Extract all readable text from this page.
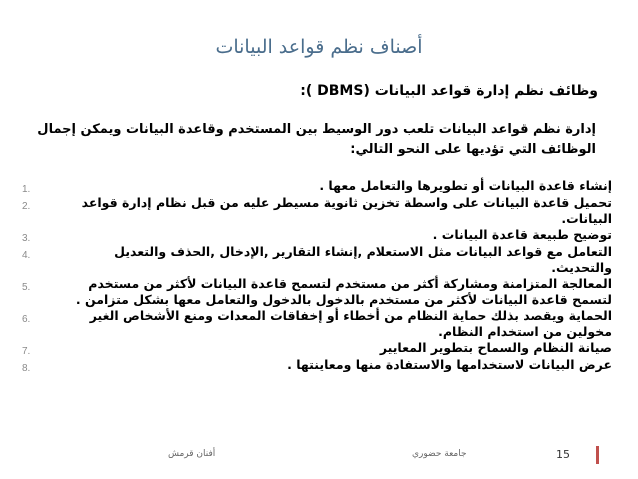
أصناف نظم قواعد البيانات
وظائف نظم إدارة قواعد البيانات (DBMS ):
إدارة نظم قواعد البيانات تلعب دور الوسيط بين المستخدم وقاعدة البيانات ويمكن إجمال الوظائف التي تؤديها على النحو التالي:
1.	إنشاء قاعدة البيانات أو تطويرها والتعامل معها .
2.	تحميل قاعدة البيانات على واسطة تخزين ثانوية مسيطر عليه من قبل نظام إدارة قواعد البيانات.
3.	توضيح طبيعة قاعدة البيانات .
4.	التعامل مع قواعد البيانات مثل الاستعلام ,إنشاء التقارير ,الإدخال ,الحذف والتعديل والتحديث.
5.	المعالجة المتزامنة ومشاركة أكثر من مستخدم لتسمح قاعدة البيانات لأكثر من مستخدم لتسمح قاعدة البيانات لأكثر من مستخدم بالدخول بالدخول والتعامل معها بشكل متزامن .
6.	الحماية ويقصد بذلك حماية النظام من أخطاء أو إخفاقات المعدات ومنع الأشخاص الغير مخولين من استخدام النظام.
7.	صيانة النظام والسماح بتطوير المعايير
8.	عرض البيانات لاستخدامها والاستفادة منها ومعاينتها .
أفنان قرمش	جامعة حضوري	15
